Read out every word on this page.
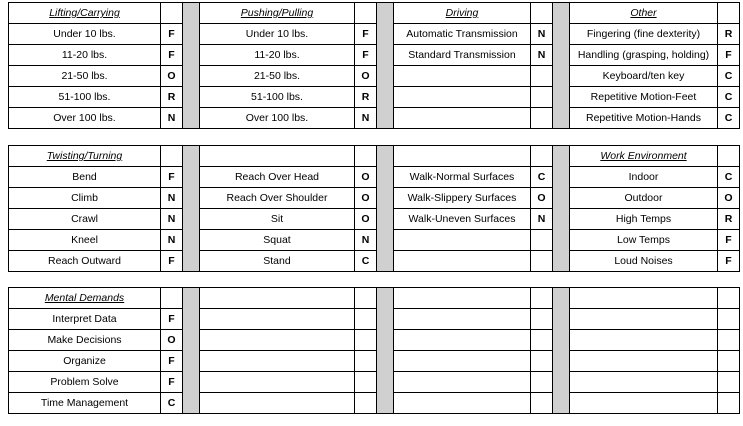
Lifting/Carrying			Pushing/Pulling			Driving			Other	
Under 10 lbs.	F		Under 10 lbs.	F		Automatic Transmission	N		Fingering (fine dexterity)	R
11-20 lbs.	F		11-20 lbs.	F		Standard Transmission	N		Handling (grasping, holding)	F
21-50 lbs.	O		21-50 lbs.	O					Keyboard/ten key	C
51-100 lbs.	R		51-100 lbs.	R					Repetitive Motion-Feet	C
Over 100 lbs.	N		Over 100 lbs.	N					Repetitive Motion-Hands	C
Twisting/Turning									Work Environment	
Bend	F		Reach Over Head	O		Walk-Normal Surfaces	C		Indoor	C
Climb	N		Reach Over Shoulder	O		Walk-Slippery Surfaces	O		Outdoor	O
Crawl	N		Sit	O		Walk-Uneven Surfaces	N		High Temps	R
Kneel	N		Squat	N					Low Temps	F
Reach Outward	F		Stand	C					Loud Noises	F
Mental Demands										
Interpret Data	F									
Make Decisions	O									
Organize	F									
Problem Solve	F									
Time Management	C									
